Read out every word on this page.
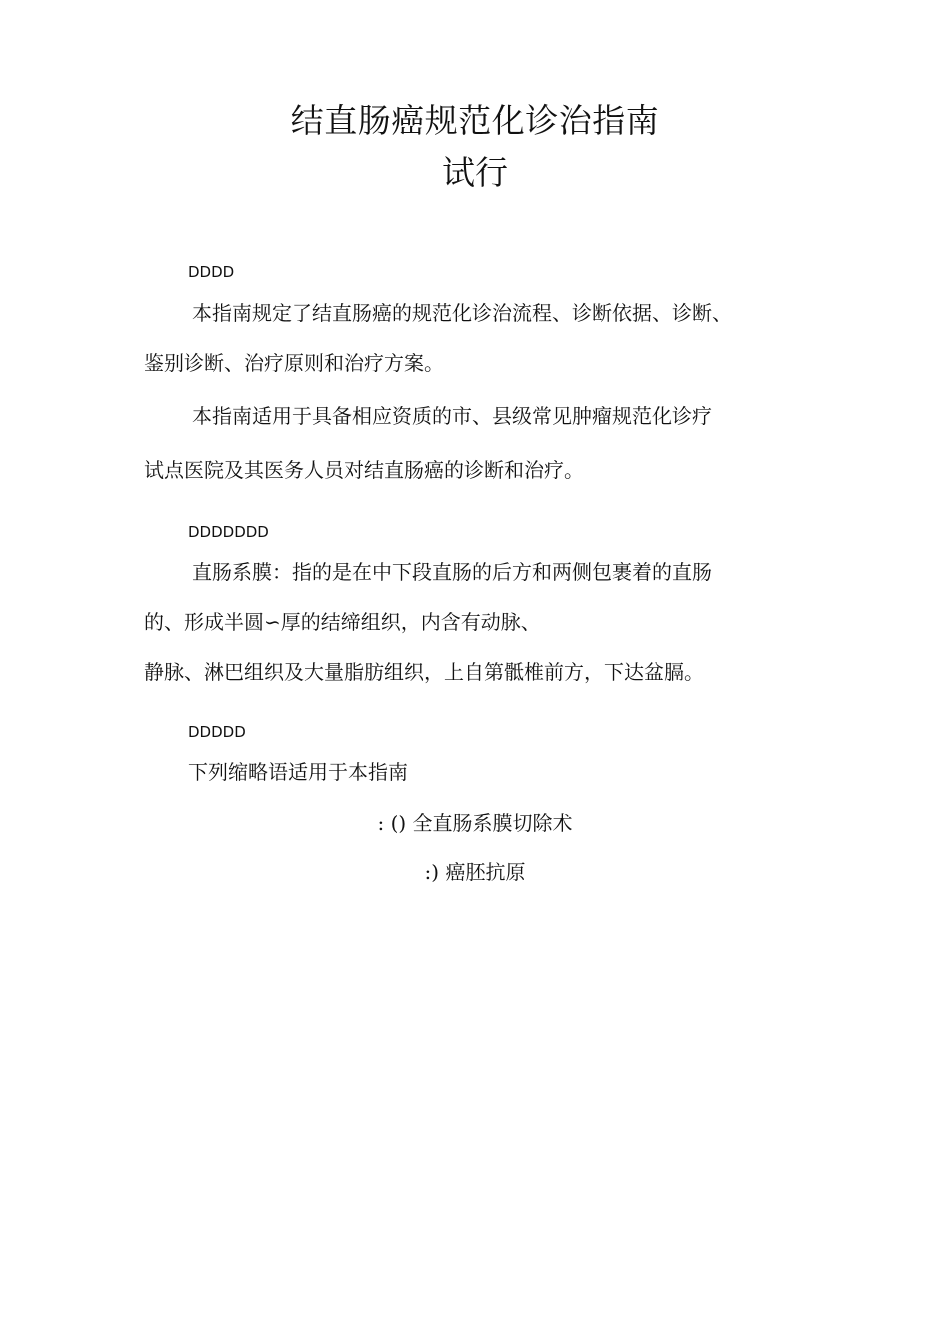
结直肠癌规范化诊治指南
试行
DDDD
本指南规定了结直肠癌的规范化诊治流程、诊断依据、诊断、
鉴别诊断、治疗原则和治疗方案。
本指南适用于具备相应资质的市、县级常见肿瘤规范化诊疗
试点医院及其医务人员对结直肠癌的诊断和治疗。
DDDDDDD
直肠系膜：指的是在中下段直肠的后方和两侧包裹着的直肠
的、形成半圆∽厚的结缔组织，内含有动脉、
静脉、淋巴组织及大量脂肪组织，上自第骶椎前方，下达盆膈。
DDDDD
下列缩略语适用于本指南
: () 全直肠系膜切除术
:) 癌胚抗原
